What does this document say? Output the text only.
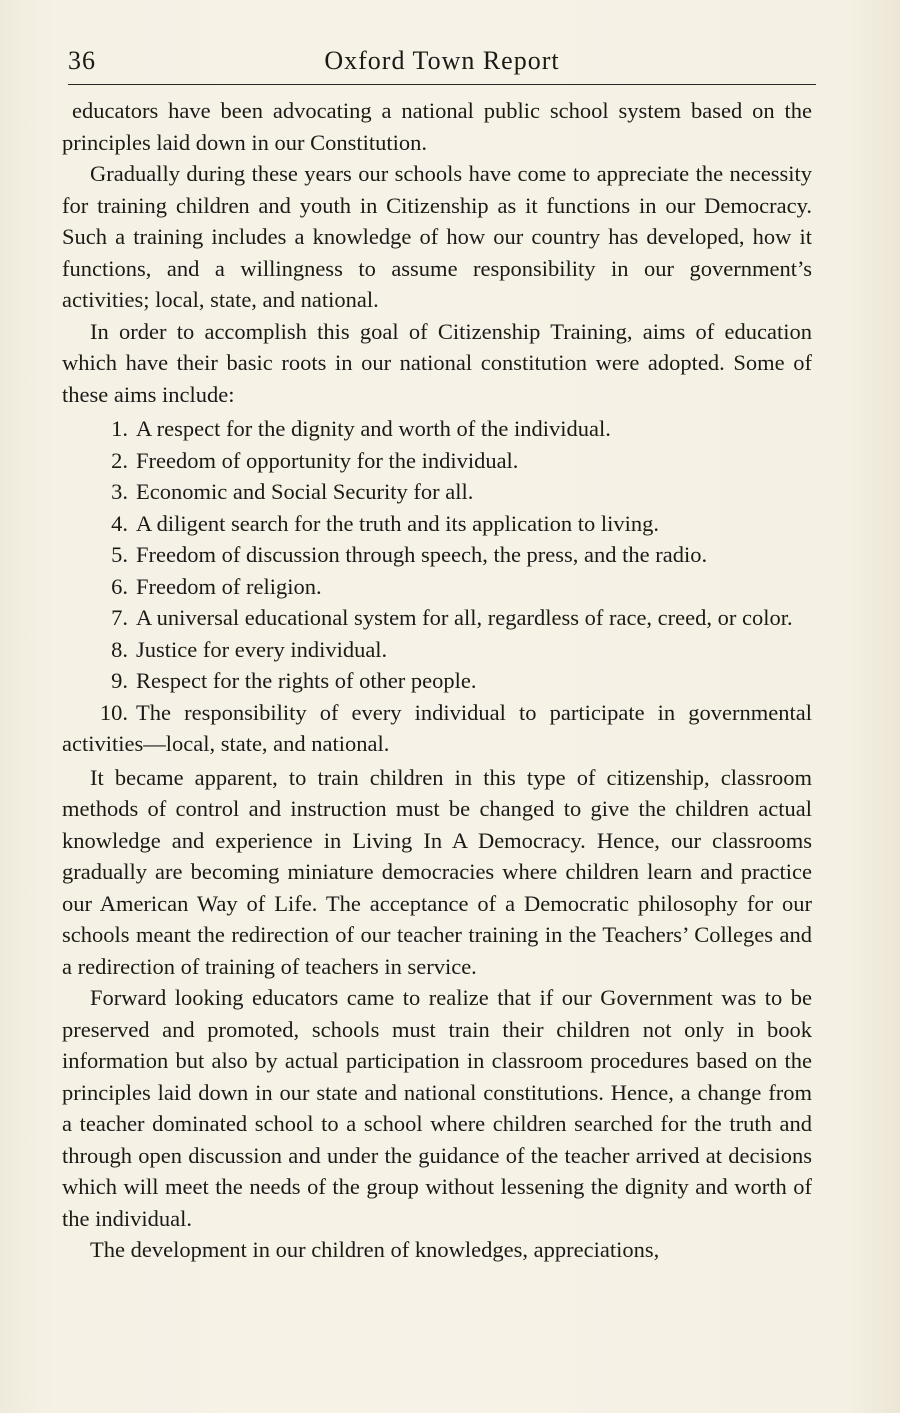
36	Oxford Town Report

educators have been advocating a national public school system based on the principles laid down in our Constitution.

Gradually during these years our schools have come to appreciate the necessity for training children and youth in Citizenship as it functions in our Democracy. Such a training includes a knowledge of how our country has developed, how it functions, and a willingness to assume responsibility in our government’s activities; local, state, and national.

In order to accomplish this goal of Citizenship Training, aims of education which have their basic roots in our national constitution were adopted. Some of these aims include:

1. A respect for the dignity and worth of the individual.
2. Freedom of opportunity for the individual.
3. Economic and Social Security for all.
4. A diligent search for the truth and its application to living.
5. Freedom of discussion through speech, the press, and the radio.
6. Freedom of religion.
7. A universal educational system for all, regardless of race, creed, or color.
8. Justice for every individual.
9. Respect for the rights of other people.
10. The responsibility of every individual to participate in governmental activities—local, state, and national.

It became apparent, to train children in this type of citizenship, classroom methods of control and instruction must be changed to give the children actual knowledge and experience in Living In A Democracy. Hence, our classrooms gradually are becoming miniature democracies where children learn and practice our American Way of Life. The acceptance of a Democratic philosophy for our schools meant the redirection of our teacher training in the Teachers’ Colleges and a redirection of training of teachers in service.

Forward looking educators came to realize that if our Government was to be preserved and promoted, schools must train their children not only in book information but also by actual participation in classroom procedures based on the principles laid down in our state and national constitutions. Hence, a change from a teacher dominated school to a school where children searched for the truth and through open discussion and under the guidance of the teacher arrived at decisions which will meet the needs of the group without lessening the dignity and worth of the individual.

The development in our children of knowledges, appreciations,
